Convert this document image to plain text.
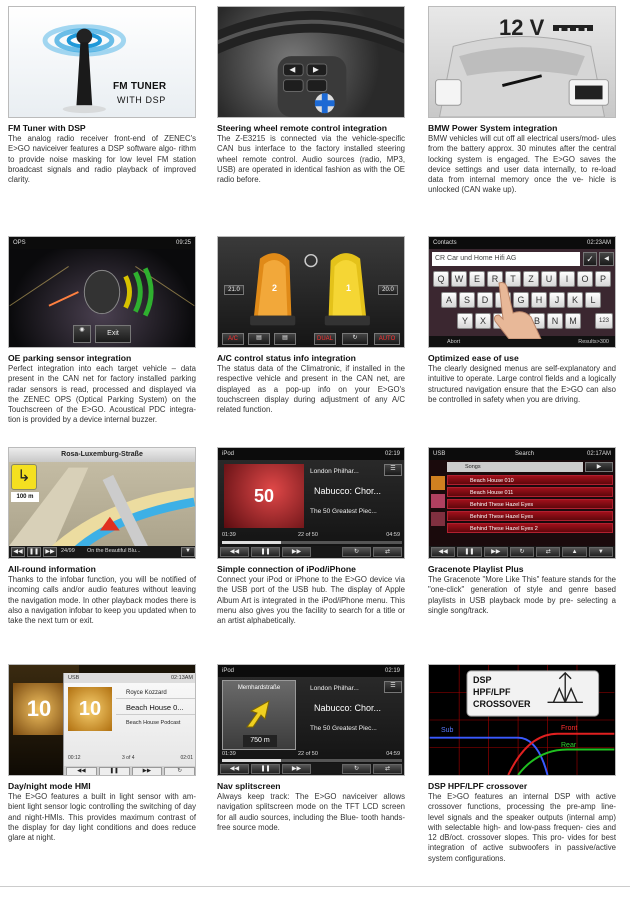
FM TUNER
WITH DSP
FM Tuner with DSP
The analog radio receiver front-end of ZENEC's E>GO naviceiver features a DSP software algo- rithm to provide noise masking for low level FM station broadcast signals and radio playback of improved clarity.
Steering wheel remote control integration
The Z-E3215 is connected via the vehicle-specific CAN bus interface to the factory installed steering wheel remote control. Audio sources (radio, MP3, USB) are operated in identical fashion as with the OE radio before.
12 V
BMW Power System integration
BMW vehicles will cut off all electrical users/mod- ules from the battery approx. 30 minutes after the central locking system is engaged. The E>GO saves the device settings and user data internally, to re-load data from internal memory once the ve- hicle is unlocked (CAN wake up).
OPS	09:25
◉	Exit
OE parking sensor integration
Perfect integration into each target vehicle – data present in the CAN net for factory installed parking radar sensors is read, processed and displayed via the ZENEC OPS (Optical Parking System) on the Touchscreen of the E>GO. Acoustical PDC integra- tion is provided by a device internal buzzer.
2	1
21.0	20.0
A/C	▤	▤	DUAL	↻	AUTO
A/C control status info integration
The status data of the Climatronic, if installed in the respective vehicle and present in the CAN net, are displayed as a pop-up info on your E>GO's touchscreen display during adjustment of any A/C related function.
Contacts	02:23AM
CR Car und Home Hifi AG	✓	◀
Q	W	E	R	T	Z	U	I	O	P
A	S	D	G	H	J	K	L
Y	X	B	N	M	123
Abort	Results>300
Optimized ease of use
The clearly designed menus are self-explanatory and intuitive to operate. Large control fields and a logically structured navigation ensure that the E>GO can also be controlled in safety when you are driving.
Rosa-Luxemburg-Straße
↳
100 m
◀◀	❚❚	▶▶	24/99 On the Beautiful Blu...	▼
All-round information
Thanks to the infobar function, you will be notified of incoming calls and/or audio features without leaving the navigation mode. In other playback modes there is also a navigation infobar to keep you updated when to take the next turn or exit.
iPod	02:19
50
London Philhar...
Nabucco: Chor...
The 50 Greatest Piec...
☰
01:39	22 of 50	04:59
◀◀	❚❚	▶▶	↻	⇄
Simple connection of iPod/iPhone
Connect your iPod or iPhone to the E>GO device via the USB port of the USB hub. The display of Apple Album Art is integrated in the iPod/iPhone menu. This menu also gives you the facility to search for a title or an artist alphabetically.
USB	Search	02:17AM
Songs	▶
Beach House 010
Beach House 011
Behind These Hazel Eyes
Behind These Hazel Eyes
Behind These Hazel Eyes 2
◀◀	❚❚	▶▶	↻	⇄	▲	▼
Gracenote Playlist Plus
The Gracenote "More Like This" feature stands for the "one-click" generation of style and genre based playlists in USB playback mode by pre- selecting a single song/track.
10
USB	02:13AM
10
Royce Kozzard
Beach House 0...
Beach House Podcast
00:12	3 of 4	02:01
◀◀	❚❚	▶▶	↻
Day/night mode HMI
The E>GO features a built in light sensor with am- bient light sensor logic controlling the switching of day and night-HMIs. This provides maximum contrast of the display for day light conditions and does reduce glare at night.
iPod	02:19
Memhardstraße
750 m
London Philhar...
Nabucco: Chor...
The 50 Greatest Piec...
☰
01:39	22 of 50	04:59
◀◀	❚❚	▶▶	↻	⇄
Nav splitscreen
Always keep track: The E>GO naviceiver allows navigation splitscreen mode on the TFT LCD screen for all audio sources, including the Blue- tooth hands-free source mode.
DSP
HPF/LPF
CROSSOVER
Sub	Front
Rear
DSP HPF/LPF crossover
The E>GO features an internal DSP with active crossover functions, processing the pre-amp line- level signals and the speaker outputs (internal amp) with selectable high- and low-pass frequen- cies and 12 dB/oct. crossover slopes. This pro- vides for best integration of active subwoofers in passive/active system configurations.
